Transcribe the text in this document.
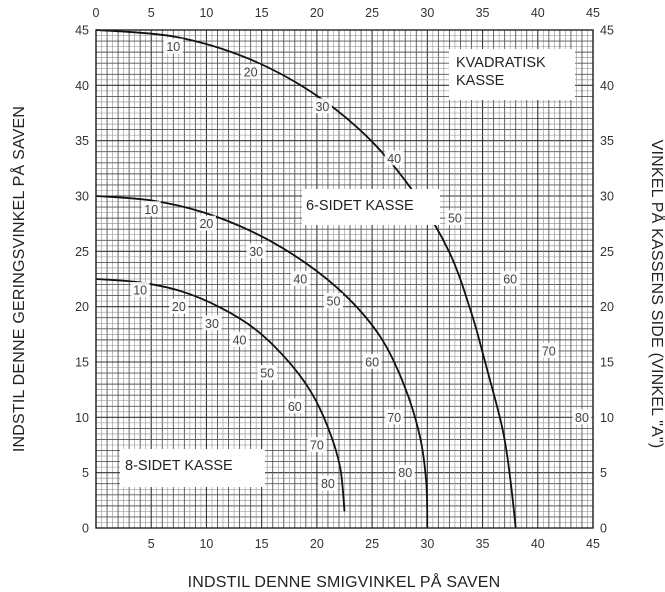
5	10	15	20	25	30	35	40	45
0	5	10	15	20	25	30	35	40	45
0
5
10
15
20
25
30
35
40
45
0
5
10
15
20
25
30
35
40
45
10
20
30
40
50
60
70
80
10
20
30
40
50
60
70
80
10
20
30
40
50
60
70
80
KVADRATISK
KASSE
6-SIDET KASSE
8-SIDET KASSE
INDSTIL DENNE SMIGVINKEL PÅ SAVEN
INDSTIL DENNE GERINGSVINKEL PÅ SAVEN	VINKEL PÅ KASSENS SIDE (VINKEL "A")
